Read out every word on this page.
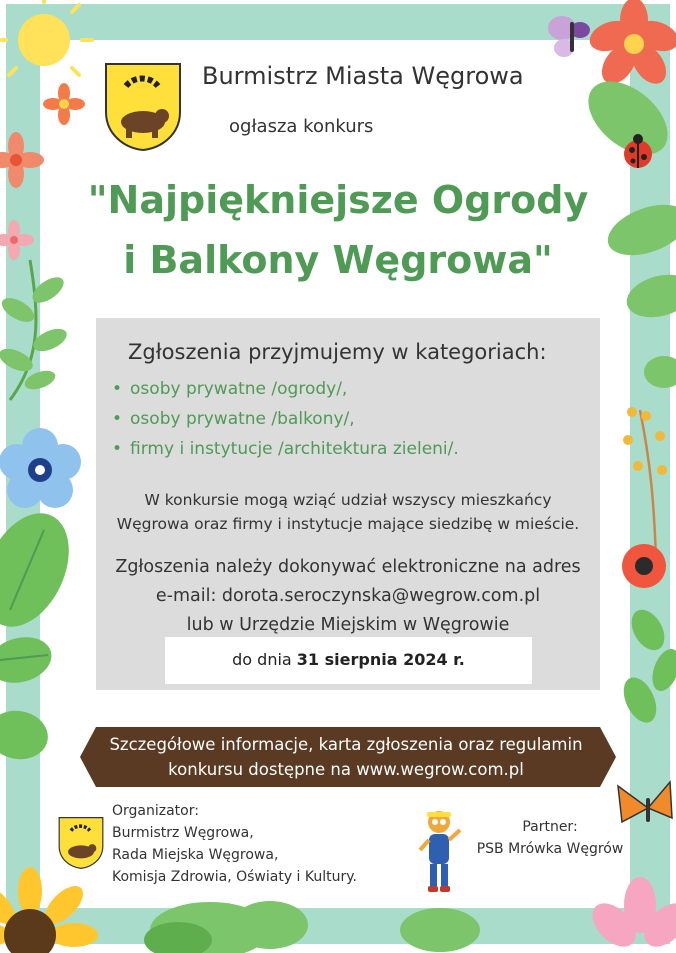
Burmistrz Miasta Węgrowa
ogłasza konkurs
"Najpiękniejsze Ogrody
i Balkony Węgrowa"
Zgłoszenia przyjmujemy w kategoriach:
• osoby prywatne /ogrody/,
• osoby prywatne /balkony/,
• firmy i instytucje /architektura zieleni/.
W konkursie mogą wziąć udział wszyscy mieszkańcy
Węgrowa oraz firmy i instytucje mające siedzibę w mieście.
Zgłoszenia należy dokonywać elektroniczne na adres
e-mail: dorota.seroczynska@wegrow.com.pl
lub w Urzędzie Miejskim w Węgrowie
do dnia 31 sierpnia 2024 r.
Szczegółowe informacje, karta zgłoszenia oraz regulamin
konkursu dostępne na www.wegrow.com.pl
Organizator:
Burmistrz Węgrowa,
Rada Miejska Węgrowa,
Komisja Zdrowia, Oświaty i Kultury.
Partner:
PSB Mrówka Węgrów
